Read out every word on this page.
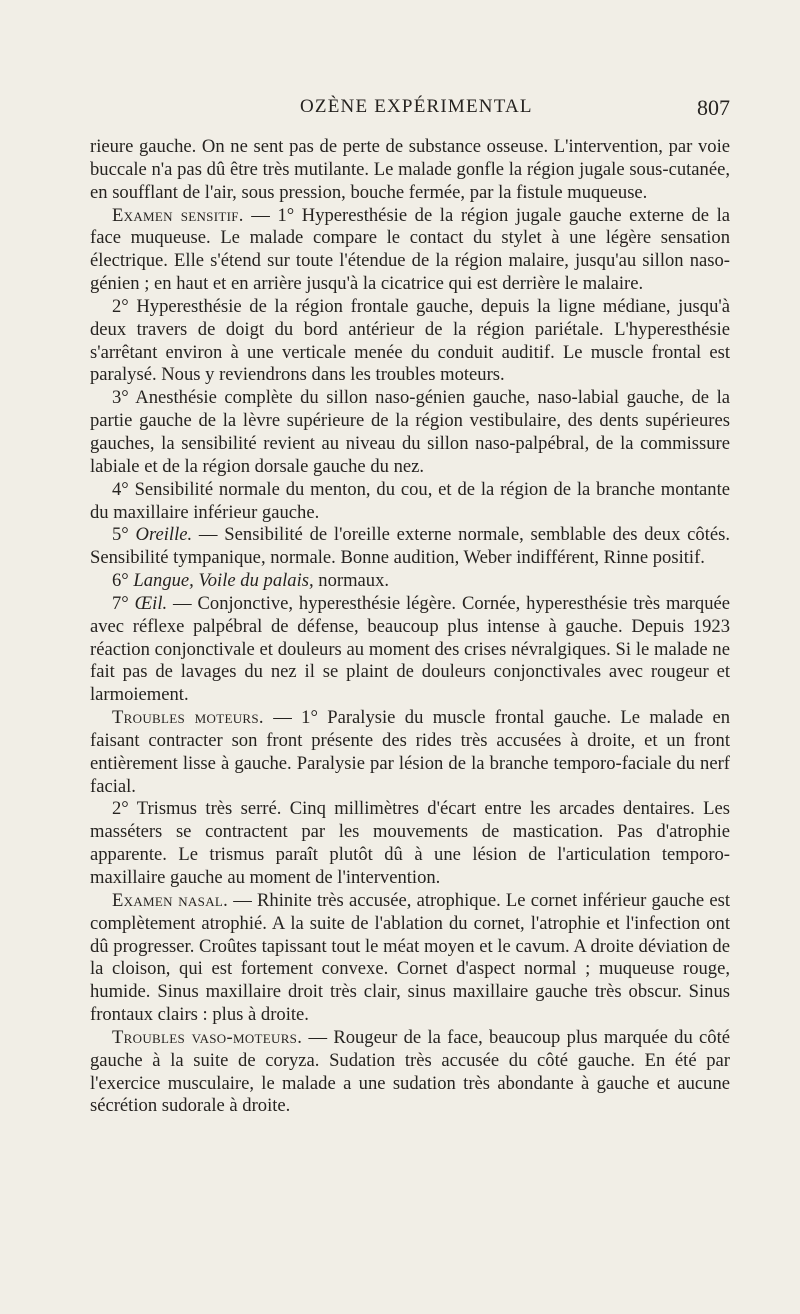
OZÈNE EXPÉRIMENTAL	807

rieure gauche. On ne sent pas de perte de substance osseuse. L'intervention, par voie buccale n'a pas dû être très mutilante. Le malade gonfle la région jugale sous-cutanée, en soufflant de l'air, sous pression, bouche fermée, par la fistule muqueuse.

Examen sensitif. — 1° Hyperesthésie de la région jugale gauche externe de la face muqueuse. Le malade compare le contact du stylet à une légère sensation électrique. Elle s'étend sur toute l'étendue de la région malaire, jusqu'au sillon naso-génien ; en haut et en arrière jusqu'à la cicatrice qui est derrière le malaire.

2° Hyperesthésie de la région frontale gauche, depuis la ligne médiane, jusqu'à deux travers de doigt du bord antérieur de la région pariétale. L'hyperesthésie s'arrêtant environ à une verticale menée du conduit auditif. Le muscle frontal est paralysé. Nous y reviendrons dans les troubles moteurs.

3° Anesthésie complète du sillon naso-génien gauche, naso-labial gauche, de la partie gauche de la lèvre supérieure de la région vestibulaire, des dents supérieures gauches, la sensibilité revient au niveau du sillon naso-palpébral, de la commissure labiale et de la région dorsale gauche du nez.

4° Sensibilité normale du menton, du cou, et de la région de la branche montante du maxillaire inférieur gauche.

5° Oreille. — Sensibilité de l'oreille externe normale, semblable des deux côtés. Sensibilité tympanique, normale. Bonne audition, Weber indifférent, Rinne positif.

6° Langue, Voile du palais, normaux.

7° Œil. — Conjonctive, hyperesthésie légère. Cornée, hyperesthésie très marquée avec réflexe palpébral de défense, beaucoup plus intense à gauche. Depuis 1923 réaction conjonctivale et douleurs au moment des crises névralgiques. Si le malade ne fait pas de lavages du nez il se plaint de douleurs conjonctivales avec rougeur et larmoiement.

Troubles moteurs. — 1° Paralysie du muscle frontal gauche. Le malade en faisant contracter son front présente des rides très accusées à droite, et un front entièrement lisse à gauche. Paralysie par lésion de la branche temporo-faciale du nerf facial.

2° Trismus très serré. Cinq millimètres d'écart entre les arcades dentaires. Les masséters se contractent par les mouvements de mastication. Pas d'atrophie apparente. Le trismus paraît plutôt dû à une lésion de l'articulation temporo-maxillaire gauche au moment de l'intervention.

Examen nasal. — Rhinite très accusée, atrophique. Le cornet inférieur gauche est complètement atrophié. A la suite de l'ablation du cornet, l'atrophie et l'infection ont dû progresser. Croûtes tapissant tout le méat moyen et le cavum. A droite déviation de la cloison, qui est fortement convexe. Cornet d'aspect normal ; muqueuse rouge, humide. Sinus maxillaire droit très clair, sinus maxillaire gauche très obscur. Sinus frontaux clairs : plus à droite.

Troubles vaso-moteurs. — Rougeur de la face, beaucoup plus marquée du côté gauche à la suite de coryza. Sudation très accusée du côté gauche. En été par l'exercice musculaire, le malade a une sudation très abondante à gauche et aucune sécrétion sudorale à droite.
